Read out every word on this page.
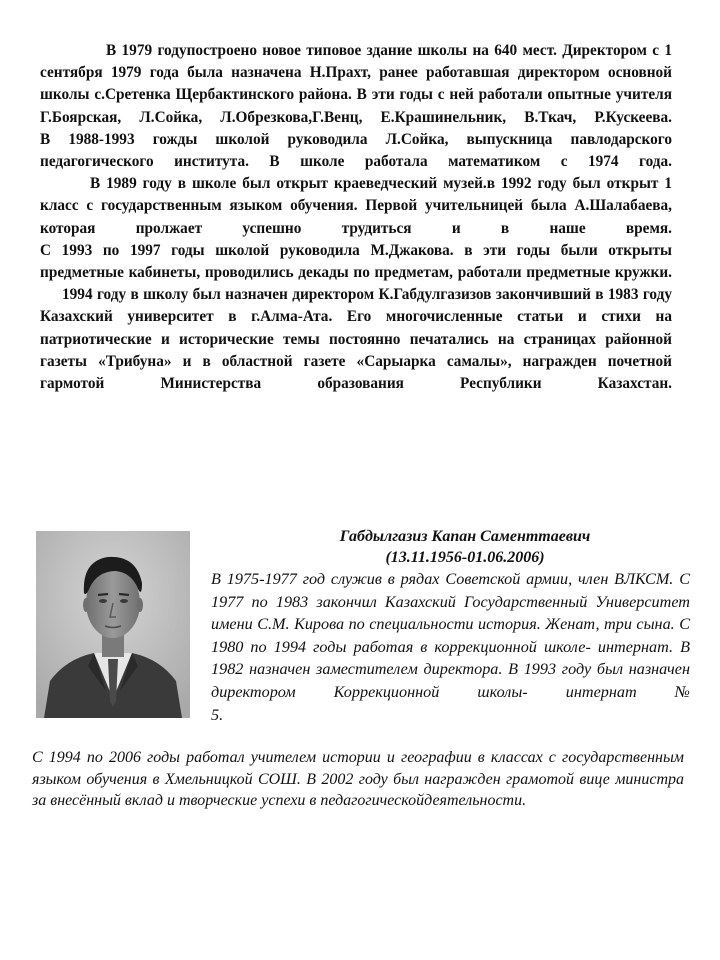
В 1979 годупостроено новое типовое здание школы на 640 мест. Директором с 1 сентября 1979 года была назначена Н.Прахт, ранее работавшая директором основной школы с.Сретенка Щербактинского района. В эти годы с ней работали опытные учителя Г.Боярская, Л.Сойка, Л.Обрезкова,Г.Венц, Е.Крашинельник, В.Ткач, Р.Кускеева.

В 1988-1993 гожды школой руководила Л.Сойка, выпускница павлодарского педагогического института. В школе работала математиком с 1974 года.

В 1989 году в школе был открыт краеведческий музей.в 1992 году был открыт 1 класс с государственным языком обучения. Первой учительницей была А.Шалабаева, которая пролжает успешно трудиться и в наше время.

С 1993 по 1997 годы школой руководила М.Джакова. в эти годы были открыты предметные кабинеты, проводились декады по предметам, работали предметные кружки.

1994 году в школу был назначен директором К.Габдулгазизов закончивший в 1983 году Казахский университет в г.Алма-Ата. Его многочисленные статьи и стихи на патриотические и исторические темы постоянно печатались на страницах районной газеты «Трибуна» и в областной газете «Сарыарка самалы», награжден почетной гармотой Министерства образования Республики Казахстан.

Габдылгазиз Капан Саменттаевич
(13.11.1956-01.06.2006)

В 1975-1977 год служив в рядах Советской армии, член ВЛКСМ. С 1977 по 1983 закончил Казахский Государственный Университет имени С.М. Кирова по специальности история. Женат, три сына. С 1980 по 1994 годы работая в коррекционной школе- интернат. В 1982 назначен заместителем директора. В 1993 году был назначен директором Коррекционной школы- интернат №
5.

С 1994 по 2006 годы работал учителем истории и географии в классах с государственным языком обучения в Хмельницкой СОШ. В 2002 году был награжден грамотой вице министра за внесённый вклад и творческие успехи в педагогическойдеятельности.
